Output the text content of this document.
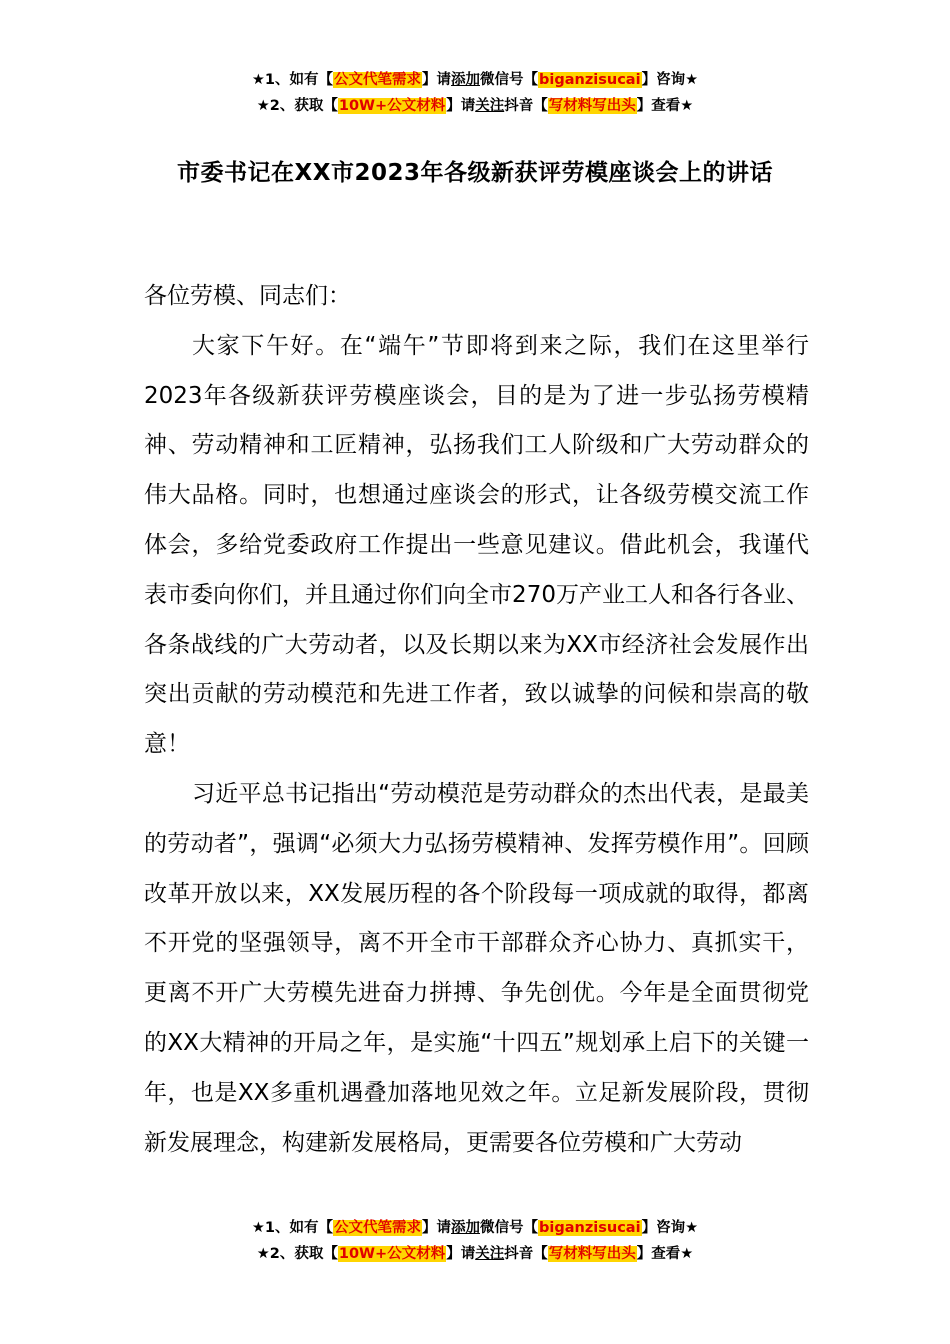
★1、如有【公文代笔需求】请添加微信号【biganzisucai】咨询★
★2、获取【10W+公文材料】请关注抖音【写材料写出头】查看★
市委书记在XX市2023年各级新获评劳模座谈会上的讲话

各位劳模、同志们：

大家下午好。在“端午”节即将到来之际，我们在这里举行2023年各级新获评劳模座谈会，目的是为了进一步弘扬劳模精神、劳动精神和工匠精神，弘扬我们工人阶级和广大劳动群众的伟大品格。同时，也想通过座谈会的形式，让各级劳模交流工作体会，多给党委政府工作提出一些意见建议。借此机会，我谨代表市委向你们，并且通过你们向全市270万产业工人和各行各业、各条战线的广大劳动者，以及长期以来为XX市经济社会发展作出突出贡献的劳动模范和先进工作者，致以诚挚的问候和崇高的敬意！

习近平总书记指出“劳动模范是劳动群众的杰出代表，是最美的劳动者”，强调“必须大力弘扬劳模精神、发挥劳模作用”。回顾改革开放以来，XX发展历程的各个阶段每一项成就的取得，都离不开党的坚强领导，离不开全市干部群众齐心协力、真抓实干，更离不开广大劳模先进奋力拼搏、争先创优。今年是全面贯彻党的XX大精神的开局之年，是实施“十四五”规划承上启下的关键一年，也是XX多重机遇叠加落地见效之年。立足新发展阶段，贯彻新发展理念，构建新发展格局，更需要各位劳模和广大劳动

★1、如有【公文代笔需求】请添加微信号【biganzisucai】咨询★
★2、获取【10W+公文材料】请关注抖音【写材料写出头】查看★
